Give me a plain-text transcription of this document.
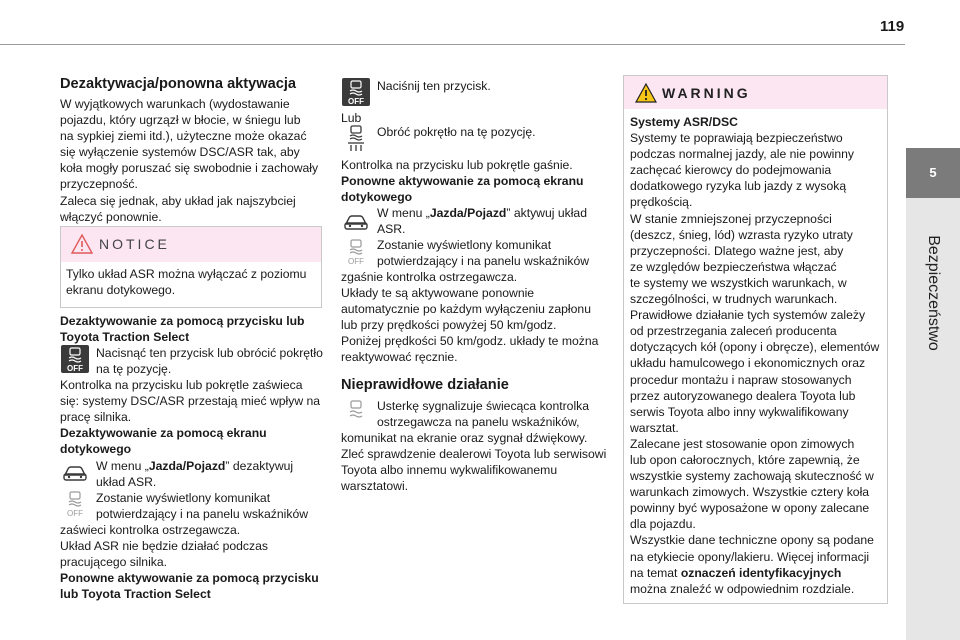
119
5
Bezpieczeństwo
Dezaktywacja/ponowna aktywacja
W wyjątkowych warunkach (wydostawanie
pojazdu, który ugrzązł w błocie, w śniegu lub
na sypkiej ziemi itd.), użyteczne może okazać
się wyłączenie systemów DSC/ASR tak, aby
koła mogły poruszać się swobodnie i zachowały
przyczepność.
Zaleca się jednak, aby układ jak najszybciej
włączyć ponownie.
NOTICE
Tylko układ ASR można wyłączać z poziomu
ekranu dotykowego.
Dezaktywowanie za pomocą przycisku lub
Toyota Traction Select
OFF
Nacisnąć ten przycisk lub obrócić pokrętło
na tę pozycję.
Kontrolka na przycisku lub pokrętle zaświeca
się: systemy DSC/ASR przestają mieć wpływ na
pracę silnika.
Dezaktywowanie za pomocą ekranu
dotykowego
W menu „Jazda/Pojazd” dezaktywuj
układ ASR.
OFF
Zostanie wyświetlony komunikat
potwierdzający i na panelu wskaźników
zaświeci kontrolka ostrzegawcza.
Układ ASR nie będzie działać podczas
pracującego silnika.
Ponowne aktywowanie za pomocą przycisku
lub Toyota Traction Select
OFF
Naciśnij ten przycisk.
Lub
Obróć pokrętło na tę pozycję.
Kontrolka na przycisku lub pokrętle gaśnie.
Ponowne aktywowanie za pomocą ekranu
dotykowego
W menu „Jazda/Pojazd” aktywuj układ
ASR.
OFF
Zostanie wyświetlony komunikat
potwierdzający i na panelu wskaźników
zgaśnie kontrolka ostrzegawcza.
Układy te są aktywowane ponownie
automatycznie po każdym wyłączeniu zapłonu
lub przy prędkości powyżej 50 km/godz.
Poniżej prędkości 50 km/godz. układy te można
reaktywować ręcznie.
Nieprawidłowe działanie
Usterkę sygnalizuje świecąca kontrolka
ostrzegawcza na panelu wskaźników,
komunikat na ekranie oraz sygnał dźwiękowy.
Zleć sprawdzenie dealerowi Toyota lub serwisowi
Toyota albo innemu wykwalifikowanemu
warsztatowi.
WARNING
Systemy ASR/DSC
Systemy te poprawiają bezpieczeństwo
podczas normalnej jazdy, ale nie powinny
zachęcać kierowcy do podejmowania
dodatkowego ryzyka lub jazdy z wysoką
prędkością.
W stanie zmniejszonej przyczepności
(deszcz, śnieg, lód) wzrasta ryzyko utraty
przyczepności. Dlatego ważne jest, aby
ze względów bezpieczeństwa włączać
te systemy we wszystkich warunkach, w
szczególności, w trudnych warunkach.
Prawidłowe działanie tych systemów zależy
od przestrzegania zaleceń producenta
dotyczących kół (opony i obręcze), elementów
układu hamulcowego i ekonomicznych oraz
procedur montażu i napraw stosowanych
przez autoryzowanego dealera Toyota lub
serwis Toyota albo inny wykwalifikowany
warsztat.
Zalecane jest stosowanie opon zimowych
lub opon całorocznych, które zapewnią, że
wszystkie systemy zachowają skuteczność w
warunkach zimowych. Wszystkie cztery koła
powinny być wyposażone w opony zalecane
dla pojazdu.
Wszystkie dane techniczne opony są podane
na etykiecie opony/lakieru. Więcej informacji
na temat oznaczeń identyfikacyjnych
można znaleźć w odpowiednim rozdziale.
